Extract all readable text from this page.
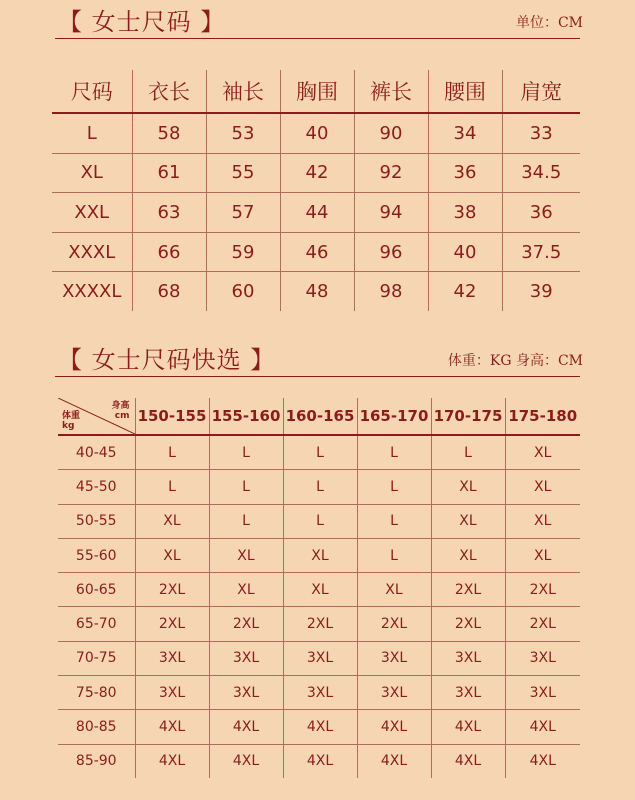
【 女士尺码 】	单位：CM
尺码	衣长	袖长	胸围	裤长	腰围	肩宽
L	58	53	40	90	34	33
XL	61	55	42	92	36	34.5
XXL	63	57	44	94	38	36
XXXL	66	59	46	96	40	37.5
XXXXL	68	60	48	98	42	39
【 女士尺码快选 】	体重：KG 身高：CM
身高
cm
体重
kg	150-155	155-160	160-165	165-170	170-175	175-180
40-45	L	L	L	L	L	XL
45-50	L	L	L	L	XL	XL
50-55	XL	L	L	L	XL	XL
55-60	XL	XL	XL	L	XL	XL
60-65	2XL	XL	XL	XL	2XL	2XL
65-70	2XL	2XL	2XL	2XL	2XL	2XL
70-75	3XL	3XL	3XL	3XL	3XL	3XL
75-80	3XL	3XL	3XL	3XL	3XL	3XL
80-85	4XL	4XL	4XL	4XL	4XL	4XL
85-90	4XL	4XL	4XL	4XL	4XL	4XL
